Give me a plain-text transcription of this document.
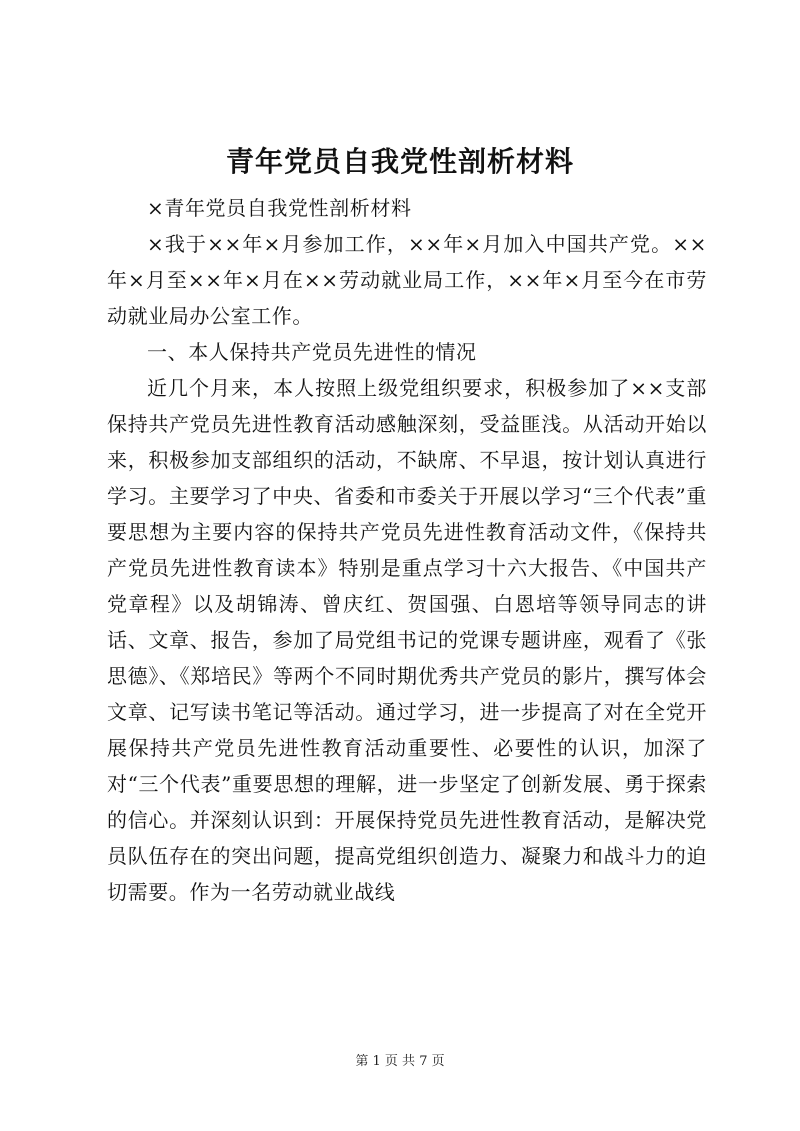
青年党员自我党性剖析材料

×青年党员自我党性剖析材料

×我于××年×月参加工作，××年×月加入中国共产党。××年×月至××年×月在××劳动就业局工作，××年×月至今在市劳动就业局办公室工作。

一、本人保持共产党员先进性的情况

近几个月来，本人按照上级党组织要求，积极参加了××支部保持共产党员先进性教育活动感触深刻，受益匪浅。从活动开始以来，积极参加支部组织的活动，不缺席、不早退，按计划认真进行学习。主要学习了中央、省委和市委关于开展以学习“三个代表”重要思想为主要内容的保持共产党员先进性教育活动文件，《保持共产党员先进性教育读本》特别是重点学习十六大报告、《中国共产党章程》以及胡锦涛、曾庆红、贺国强、白恩培等领导同志的讲话、文章、报告，参加了局党组书记的党课专题讲座，观看了《张思德》、《郑培民》等两个不同时期优秀共产党员的影片，撰写体会文章、记写读书笔记等活动。通过学习，进一步提高了对在全党开展保持共产党员先进性教育活动重要性、必要性的认识，加深了对“三个代表”重要思想的理解，进一步坚定了创新发展、勇于探索的信心。并深刻认识到：开展保持党员先进性教育活动，是解决党员队伍存在的突出问题，提高党组织创造力、凝聚力和战斗力的迫切需要。作为一名劳动就业战线

第 1 页 共 7 页
